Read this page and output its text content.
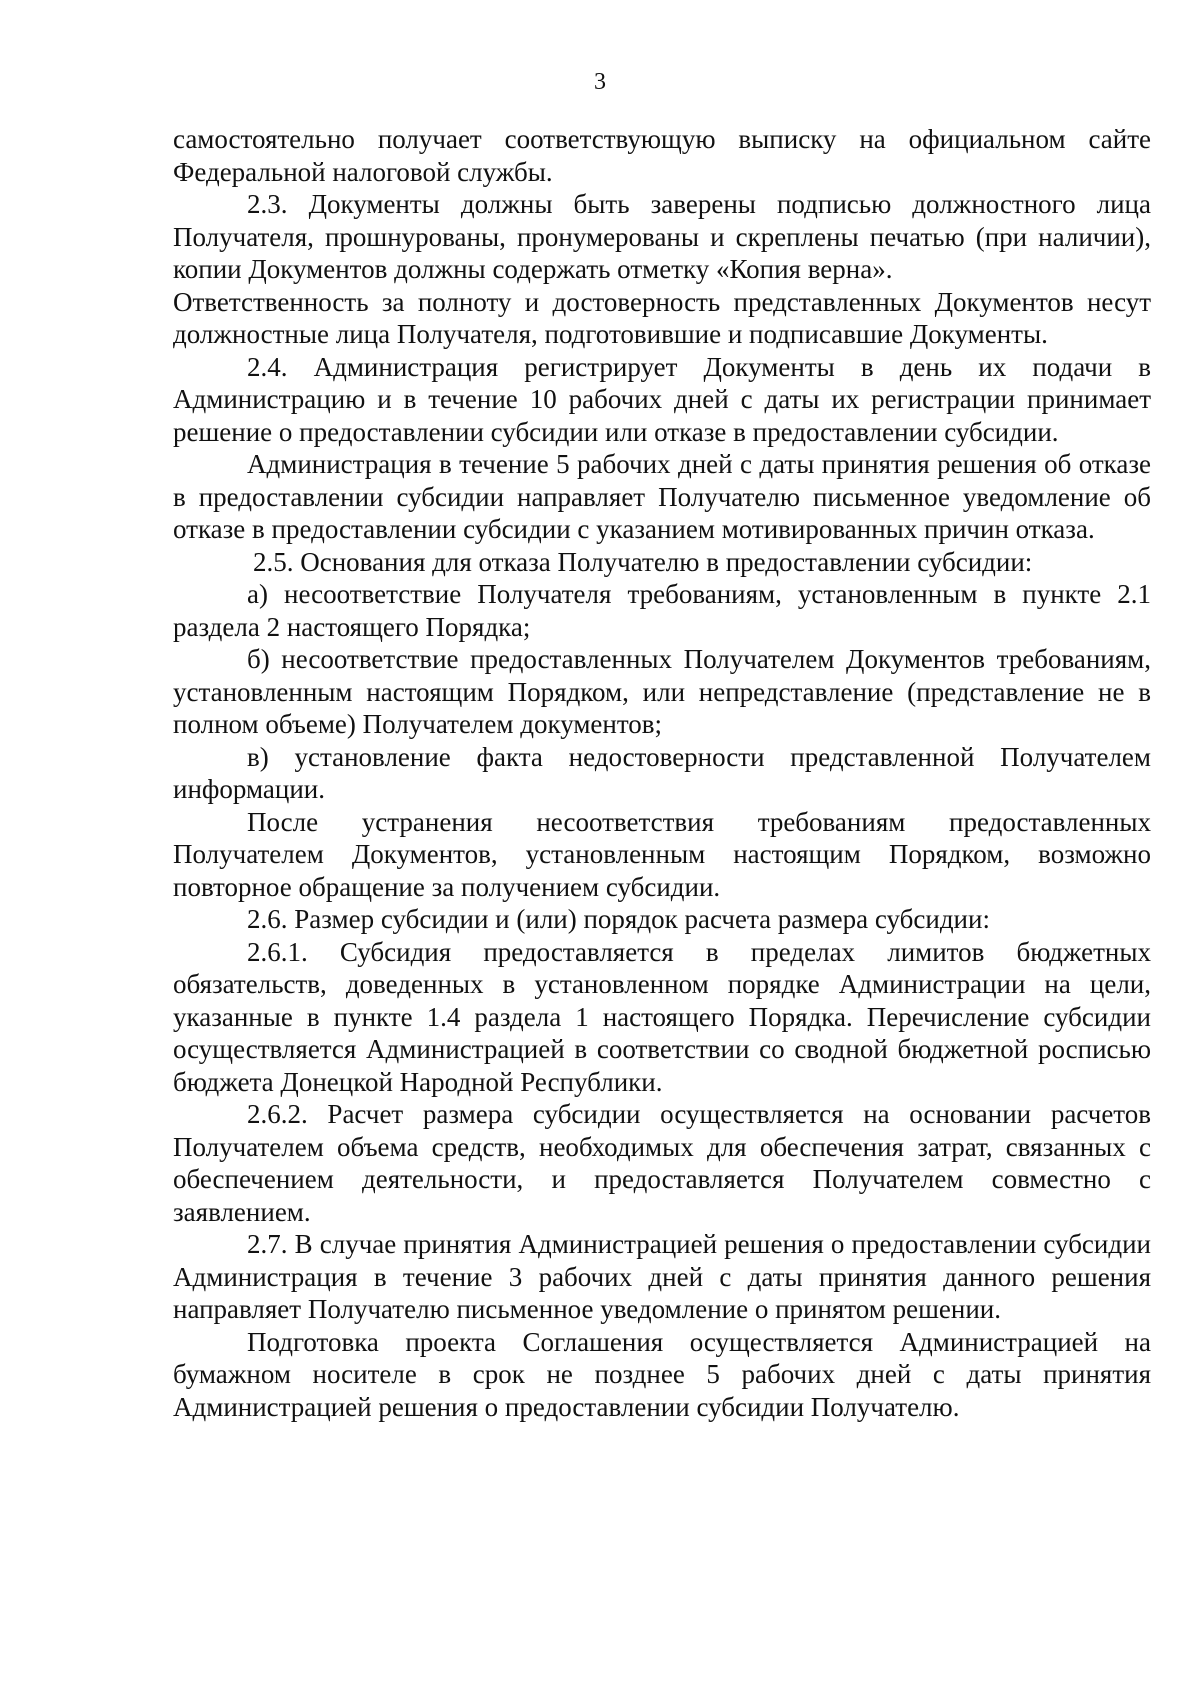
3

самостоятельно получает соответствующую выписку на официальном сайте Федеральной налоговой службы.

2.3. Документы должны быть заверены подписью должностного лица Получателя, прошнурованы, пронумерованы и скреплены печатью (при наличии), копии Документов должны содержать отметку «Копия верна».

Ответственность за полноту и достоверность представленных Документов несут должностные лица Получателя, подготовившие и подписавшие Документы.

2.4. Администрация регистрирует Документы в день их подачи в Администрацию и в течение 10 рабочих дней с даты их регистрации принимает решение о предоставлении субсидии или отказе в предоставлении субсидии.

Администрация в течение 5 рабочих дней с даты принятия решения об отказе в предоставлении субсидии направляет Получателю письменное уведомление об отказе в предоставлении субсидии с указанием мотивированных причин отказа.

2.5. Основания для отказа Получателю в предоставлении субсидии:

а) несоответствие Получателя требованиям, установленным в пункте 2.1 раздела 2 настоящего Порядка;

б) несоответствие предоставленных Получателем Документов требованиям, установленным настоящим Порядком, или непредставление (представление не в полном объеме) Получателем документов;

в) установление факта недостоверности представленной Получателем информации.

После устранения несоответствия требованиям предоставленных Получателем Документов, установленным настоящим Порядком, возможно повторное обращение за получением субсидии.

2.6. Размер субсидии и (или) порядок расчета размера субсидии:

2.6.1. Субсидия предоставляется в пределах лимитов бюджетных обязательств, доведенных в установленном порядке Администрации на цели, указанные в пункте 1.4 раздела 1 настоящего Порядка. Перечисление субсидии осуществляется Администрацией в соответствии со сводной бюджетной росписью бюджета Донецкой Народной Республики.

2.6.2. Расчет размера субсидии осуществляется на основании расчетов Получателем объема средств, необходимых для обеспечения затрат, связанных с обеспечением деятельности, и предоставляется Получателем совместно с заявлением.

2.7. В случае принятия Администрацией решения о предоставлении субсидии Администрация в течение 3 рабочих дней с даты принятия данного решения направляет Получателю письменное уведомление о принятом решении.

Подготовка проекта Соглашения осуществляется Администрацией на бумажном носителе в срок не позднее 5 рабочих дней с даты принятия Администрацией решения о предоставлении субсидии Получателю.
